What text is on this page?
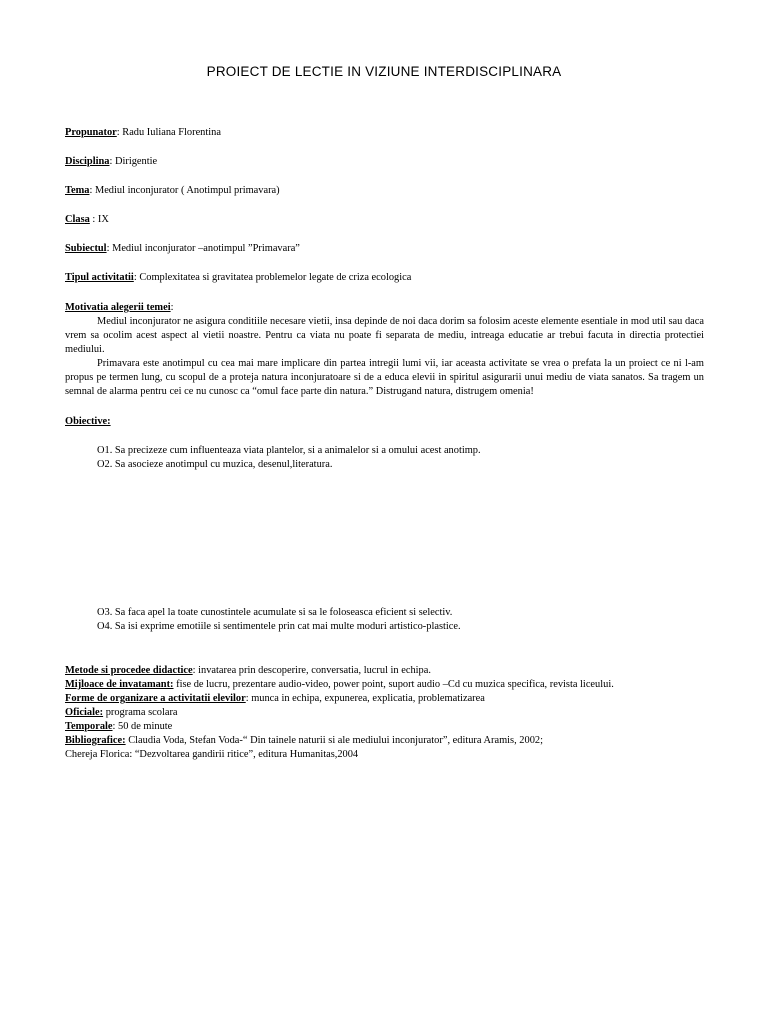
PROIECT DE LECTIE IN VIZIUNE INTERDISCIPLINARA
Propunator: Radu Iuliana Florentina
Disciplina: Dirigentie
Tema: Mediul inconjurator ( Anotimpul primavara)
Clasa : IX
Subiectul: Mediul inconjurator –anotimpul ”Primavara”
Tipul activitatii: Complexitatea si gravitatea problemelor legate de criza ecologica
Motivatia alegerii temei:
Mediul inconjurator ne asigura conditiile necesare vietii, insa depinde de noi daca dorim sa folosim aceste elemente esentiale in mod util sau daca vrem sa ocolim acest aspect al vietii noastre. Pentru ca viata nu poate fi separata de mediu, intreaga educatie ar trebui facuta in directia protectiei mediului.
Primavara este anotimpul cu cea mai mare implicare din partea intregii lumi vii, iar aceasta activitate se vrea o prefata la un proiect ce ni l-am propus pe termen lung, cu scopul de a proteja natura inconjuratoare si de a educa elevii in spiritul asigurarii unui mediu de viata sanatos. Sa tragem un semnal de alarma pentru cei ce nu cunosc ca “omul face parte din natura.” Distrugand natura, distrugem omenia!
Obiective:
O1. Sa precizeze cum influenteaza viata plantelor, si a animalelor si a omului acest anotimp.
O2. Sa asocieze anotimpul cu muzica, desenul,literatura.
O3. Sa faca apel la toate cunostintele acumulate si sa le foloseasca eficient si selectiv.
O4. Sa isi exprime emotiile si sentimentele prin cat mai multe moduri artistico-plastice.
Metode si procedee didactice: invatarea prin descoperire, conversatia, lucrul in echipa.
Mijloace de invatamant: fise de lucru, prezentare audio-video, power point, suport audio –Cd cu muzica specifica, revista liceului.
Forme de organizare a activitatii elevilor: munca in echipa, expunerea, explicatia, problematizarea
Oficiale: programa scolara
Temporale: 50 de minute
Bibliografice: Claudia Voda, Stefan Voda-“ Din tainele naturii si ale mediului inconjurator”, editura Aramis, 2002;
Chereja Florica: “Dezvoltarea gandirii ritice”, editura Humanitas,2004
